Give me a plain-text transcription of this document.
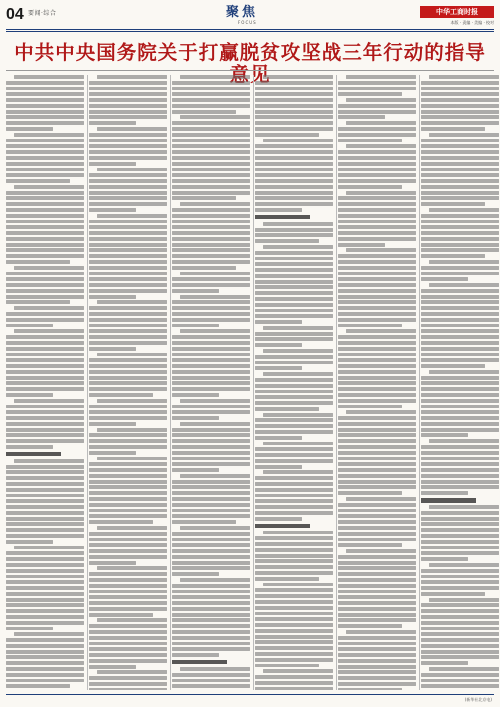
04 要闻·综合	聚焦
FOCUS
中华工商时报
本版 · 责编 · 美编 · 校对
中共中央国务院关于打赢脱贫攻坚战三年行动的指导 见
(新华社北京电)
